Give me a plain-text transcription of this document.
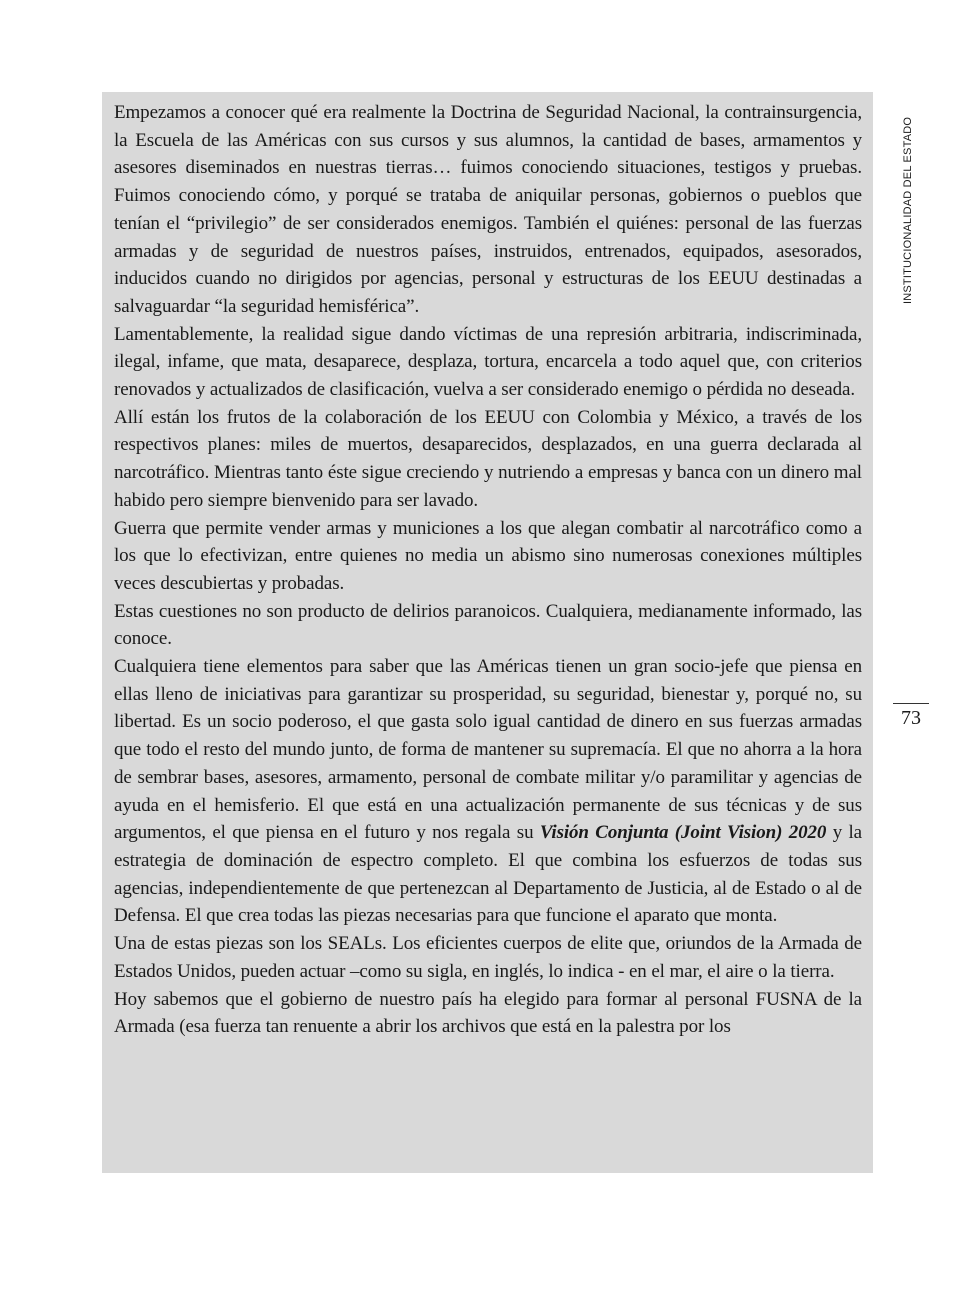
Empezamos a conocer qué era realmente la Doctrina de Seguridad Nacional, la contrainsurgencia, la Escuela de las Américas con sus cursos y sus alumnos, la cantidad de bases, armamentos y asesores diseminados en nuestras tierras… fuimos conociendo situaciones, testigos y pruebas. Fuimos conociendo cómo, y porqué se trataba de aniquilar personas, gobiernos o pueblos que tenían el “privilegio” de ser considerados enemigos. También el quiénes: personal de las fuerzas armadas y de seguridad de nuestros países, instruidos, entrenados, equipados, asesorados, inducidos cuando no dirigidos por agencias, personal y estructuras de los EEUU destinadas a salvaguardar “la seguridad hemisférica”.

Lamentablemente, la realidad sigue dando víctimas de una represión arbitraria, indiscriminada, ilegal, infame, que mata, desaparece, desplaza, tortura, encarcela a todo aquel que, con criterios renovados y actualizados de clasificación, vuelva a ser considerado enemigo o pérdida no deseada.

Allí están los frutos de la colaboración de los EEUU con Colombia y México, a través de los respectivos planes: miles de muertos, desaparecidos, desplazados, en una guerra declarada al narcotráfico. Mientras tanto éste sigue creciendo y nutriendo a empresas y banca con un dinero mal habido pero siempre bienvenido para ser lavado.

Guerra que permite vender armas y municiones a los que alegan combatir al narcotráfico como a los que lo efectivizan, entre quienes no media un abismo sino numerosas conexiones múltiples veces descubiertas y probadas.

Estas cuestiones no son producto de delirios paranoicos. Cualquiera, medianamente informado, las conoce.

Cualquiera tiene elementos para saber que las Américas tienen un gran socio-jefe que piensa en ellas lleno de iniciativas para garantizar su prosperidad, su seguridad, bienestar y, porqué no, su libertad. Es un socio poderoso, el que gasta solo igual cantidad de dinero en sus fuerzas armadas que todo el resto del mundo junto, de forma de mantener su supremacía. El que no ahorra a la hora de sembrar bases, asesores, armamento, personal de combate militar y/o paramilitar y agencias de ayuda en el hemisferio. El que está en una actualización permanente de sus técnicas y de sus argumentos, el que piensa en el futuro y nos regala su Visión Conjunta (Joint Vision) 2020 y la estrategia de dominación de espectro completo. El que combina los esfuerzos de todas sus agencias, independientemente de que pertenezcan al Departamento de Justicia, al de Estado o al de Defensa. El que crea todas las piezas necesarias para que funcione el aparato que monta.

Una de estas piezas son los SEALs. Los eficientes cuerpos de elite que, oriundos de la Armada de Estados Unidos, pueden actuar –como su sigla, en inglés, lo indica - en el mar, el aire o la tierra.

Hoy sabemos que el gobierno de nuestro país ha elegido para formar al personal FUSNA de la Armada (esa fuerza tan renuente a abrir los archivos que está en la palestra por los

INSTITUCIONALIDAD DEL ESTADO
73
